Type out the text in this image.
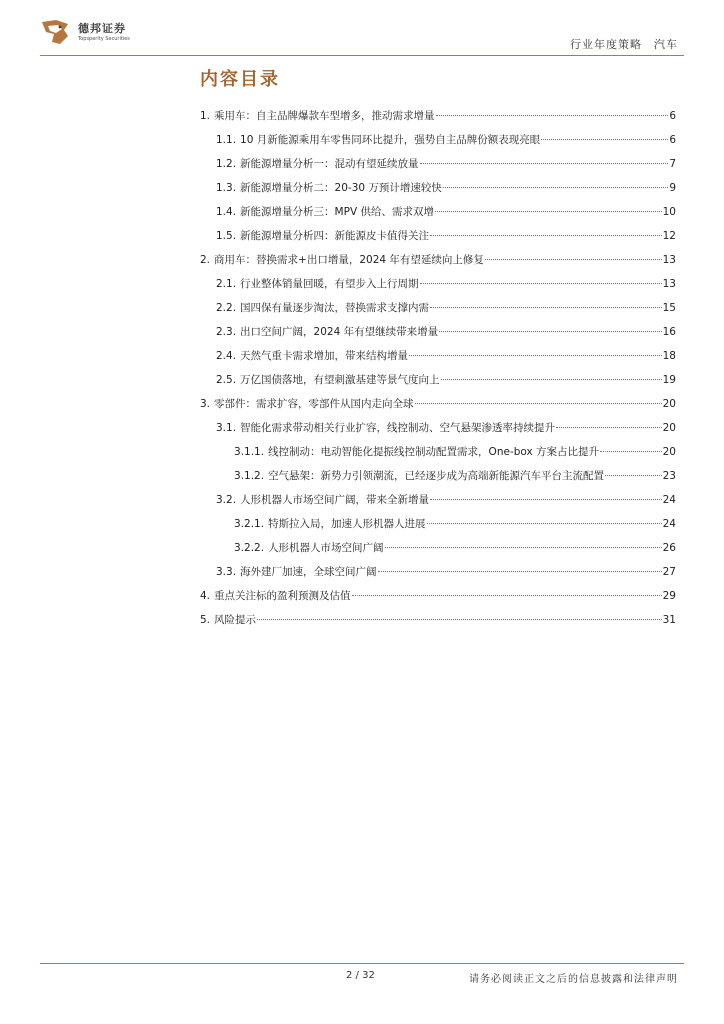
德邦证券
Topsperity Securities	行业年度策略　汽车
内容目录
1. 乘用车：自主品牌爆款车型增多，推动需求增量	6
1.1. 10 月新能源乘用车零售同环比提升，强势自主品牌份额表现亮眼	6
1.2. 新能源增量分析一：混动有望延续放量	7
1.3. 新能源增量分析二：20-30 万预计增速较快	9
1.4. 新能源增量分析三：MPV 供给、需求双增	10
1.5. 新能源增量分析四：新能源皮卡值得关注	12
2. 商用车：替换需求+出口增量，2024 年有望延续向上修复	13
2.1. 行业整体销量回暖，有望步入上行周期	13
2.2. 国四保有量逐步淘汰，替换需求支撑内需	15
2.3. 出口空间广阔，2024 年有望继续带来增量	16
2.4. 天然气重卡需求增加，带来结构增量	18
2.5. 万亿国债落地，有望刺激基建等景气度向上	19
3. 零部件：需求扩容，零部件从国内走向全球	20
3.1. 智能化需求带动相关行业扩容，线控制动、空气悬架渗透率持续提升	20
3.1.1. 线控制动：电动智能化提振线控制动配置需求，One-box 方案占比提升	20
3.1.2. 空气悬架：新势力引领潮流，已经逐步成为高端新能源汽车平台主流配置	23
3.2. 人形机器人市场空间广阔，带来全新增量	24
3.2.1. 特斯拉入局，加速人形机器人进展	24
3.2.2. 人形机器人市场空间广阔	26
3.3. 海外建厂加速，全球空间广阔	27
4. 重点关注标的盈利预测及估值	29
5. 风险提示	31
2 / 32	请务必阅读正文之后的信息披露和法律声明
